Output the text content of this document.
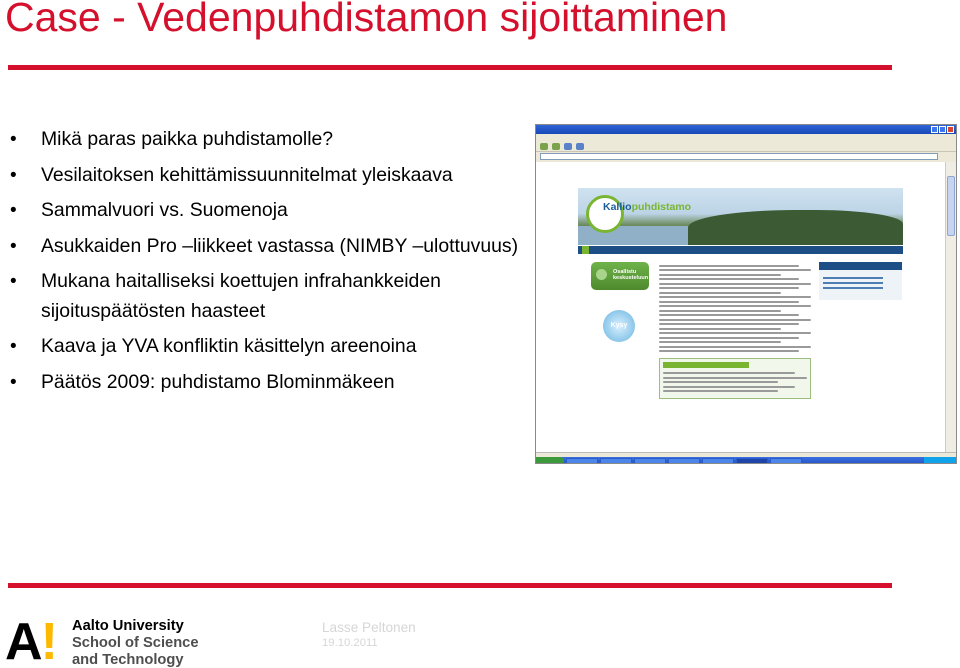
Case - Vedenpuhdistamon sijoittaminen
• Mikä paras paikka puhdistamolle?
• Vesilaitoksen kehittämissuunnitelmat yleiskaava
• Sammalvuori vs. Suomenoja
• Asukkaiden Pro –liikkeet vastassa (NIMBY –ulottuvuus)
• Mukana haitalliseksi koettujen infrahankkeiden sijoituspäätösten haasteet
• Kaava ja YVA konfliktin käsittelyn areenoina
• Päätös 2009: puhdistamo Blominmäkeen
Kalliopuhdistamo

Osallistu keskusteluun
Kysy
A! Aalto University
School of Science
and Technology
Lasse Peltonen
19.10.2011
